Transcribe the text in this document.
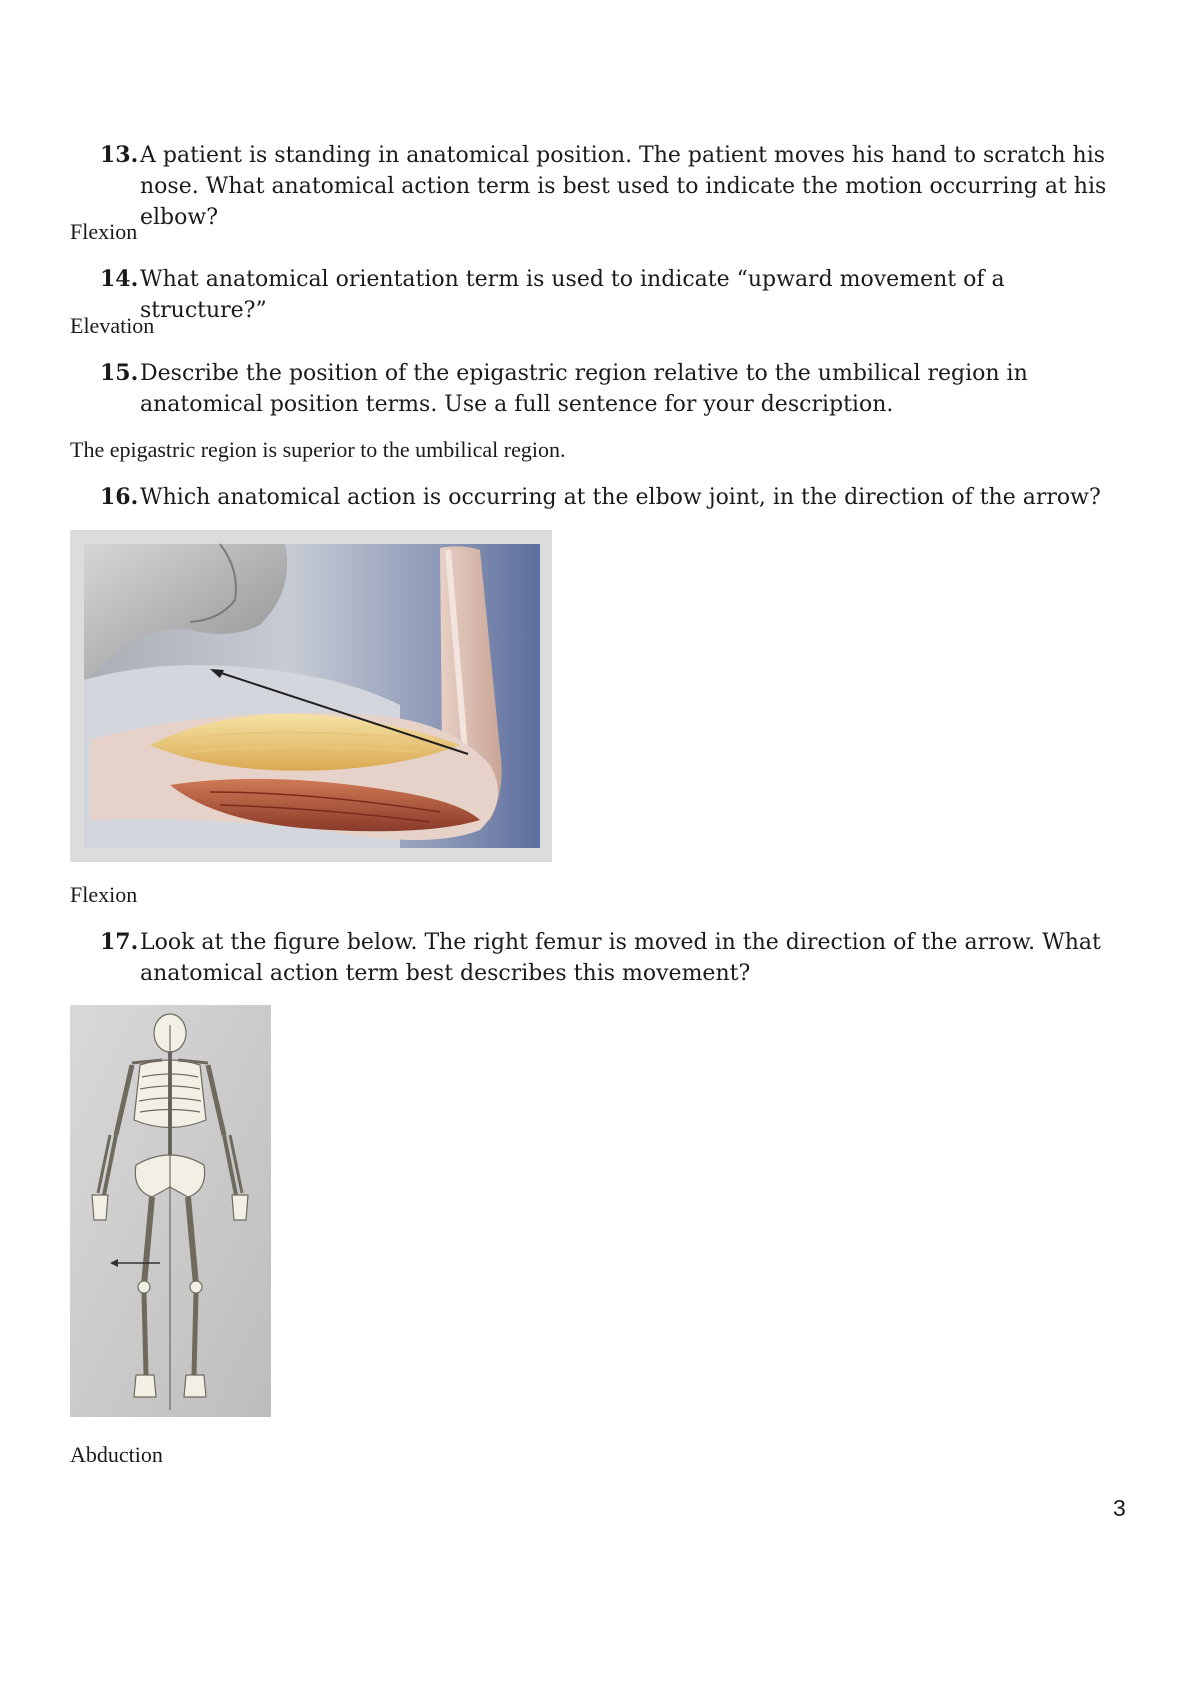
13. A patient is standing in anatomical position. The patient moves his hand to scratch his nose. What anatomical action term is best used to indicate the motion occurring at his elbow?
Flexion
14. What anatomical orientation term is used to indicate “upward movement of a structure?”
Elevation
15. Describe the position of the epigastric region relative to the umbilical region in anatomical position terms. Use a full sentence for your description.
The epigastric region is superior to the umbilical region.
16. Which anatomical action is occurring at the elbow joint, in the direction of the arrow?
Flexion
17. Look at the figure below. The right femur is moved in the direction of the arrow. What anatomical action term best describes this movement?
Abduction
3
